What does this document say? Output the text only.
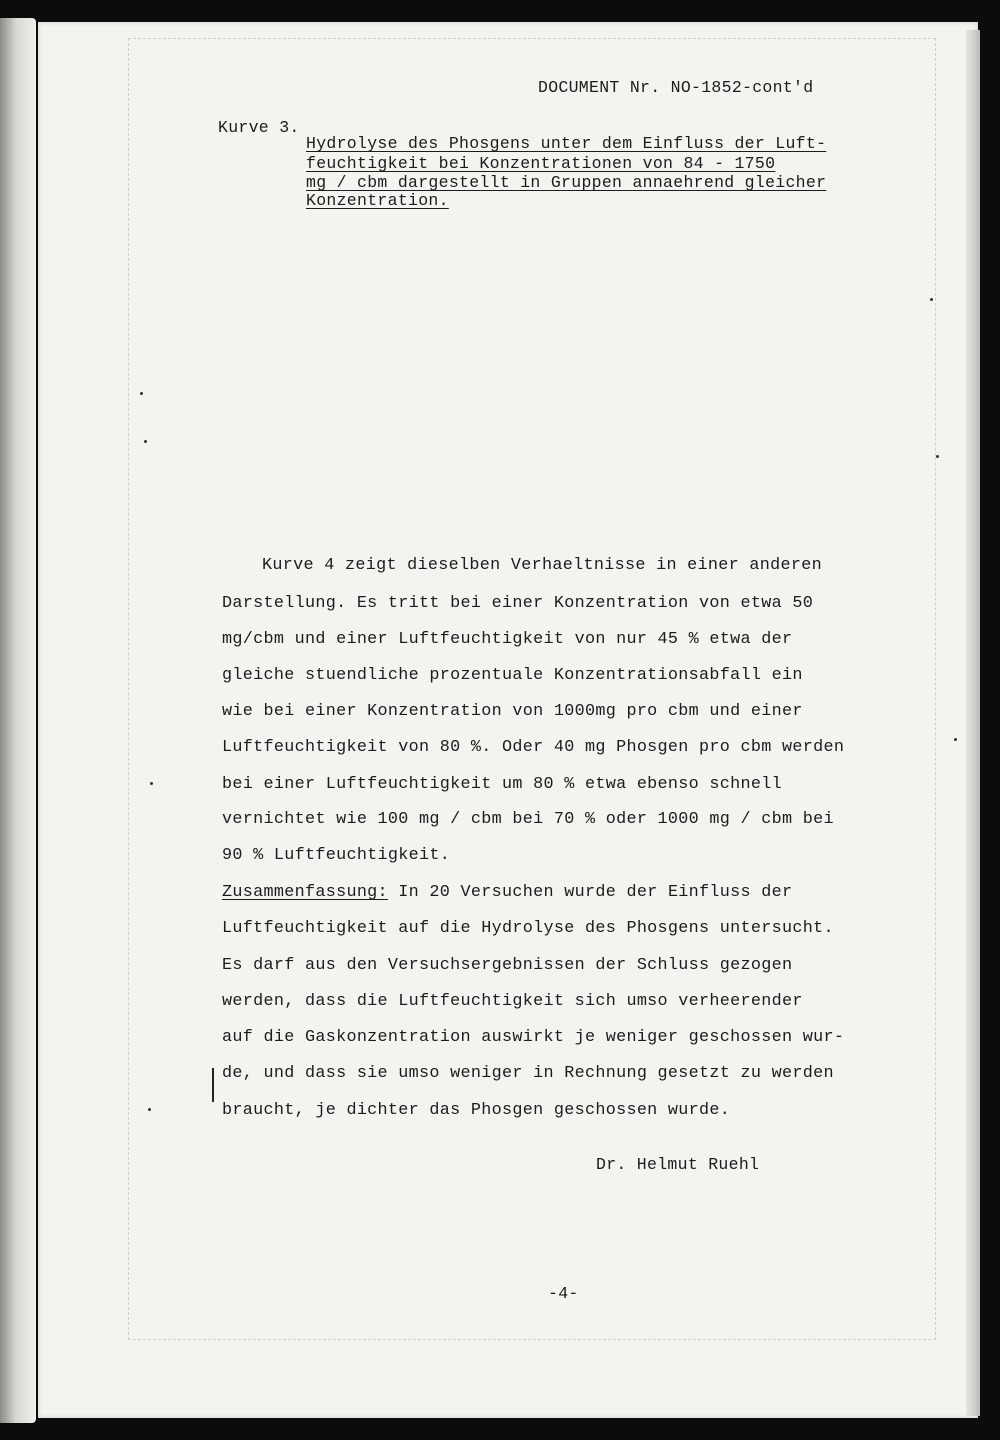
DOCUMENT Nr. NO-1852-cont'd
Kurve 3.
Hydrolyse des Phosgens unter dem Einfluss der Luft-
feuchtigkeit bei Konzentrationen von 84 - 1750
mg / cbm dargestellt in Gruppen annaehrend gleicher
Konzentration.
Kurve 4 zeigt dieselben Verhaeltnisse in einer anderen
Darstellung. Es tritt bei einer Konzentration von etwa 50
mg/cbm und einer Luftfeuchtigkeit von nur 45 % etwa der
gleiche stuendliche prozentuale Konzentrationsabfall ein
wie bei einer Konzentration von 1000mg pro cbm und einer
Luftfeuchtigkeit von 80 %. Oder 40 mg Phosgen pro cbm werden
bei einer Luftfeuchtigkeit um 80 % etwa ebenso schnell
vernichtet wie 100 mg / cbm bei 70 % oder 1000 mg / cbm bei
90 % Luftfeuchtigkeit.
Zusammenfassung: In 20 Versuchen wurde der Einfluss der
Luftfeuchtigkeit auf die Hydrolyse des Phosgens untersucht.
Es darf aus den Versuchsergebnissen der Schluss gezogen
werden, dass die Luftfeuchtigkeit sich umso verheerender
auf die Gaskonzentration auswirkt je weniger geschossen wur-
de, und dass sie umso weniger in Rechnung gesetzt zu werden
braucht, je dichter das Phosgen geschossen wurde.
Dr. Helmut Ruehl
-4-
